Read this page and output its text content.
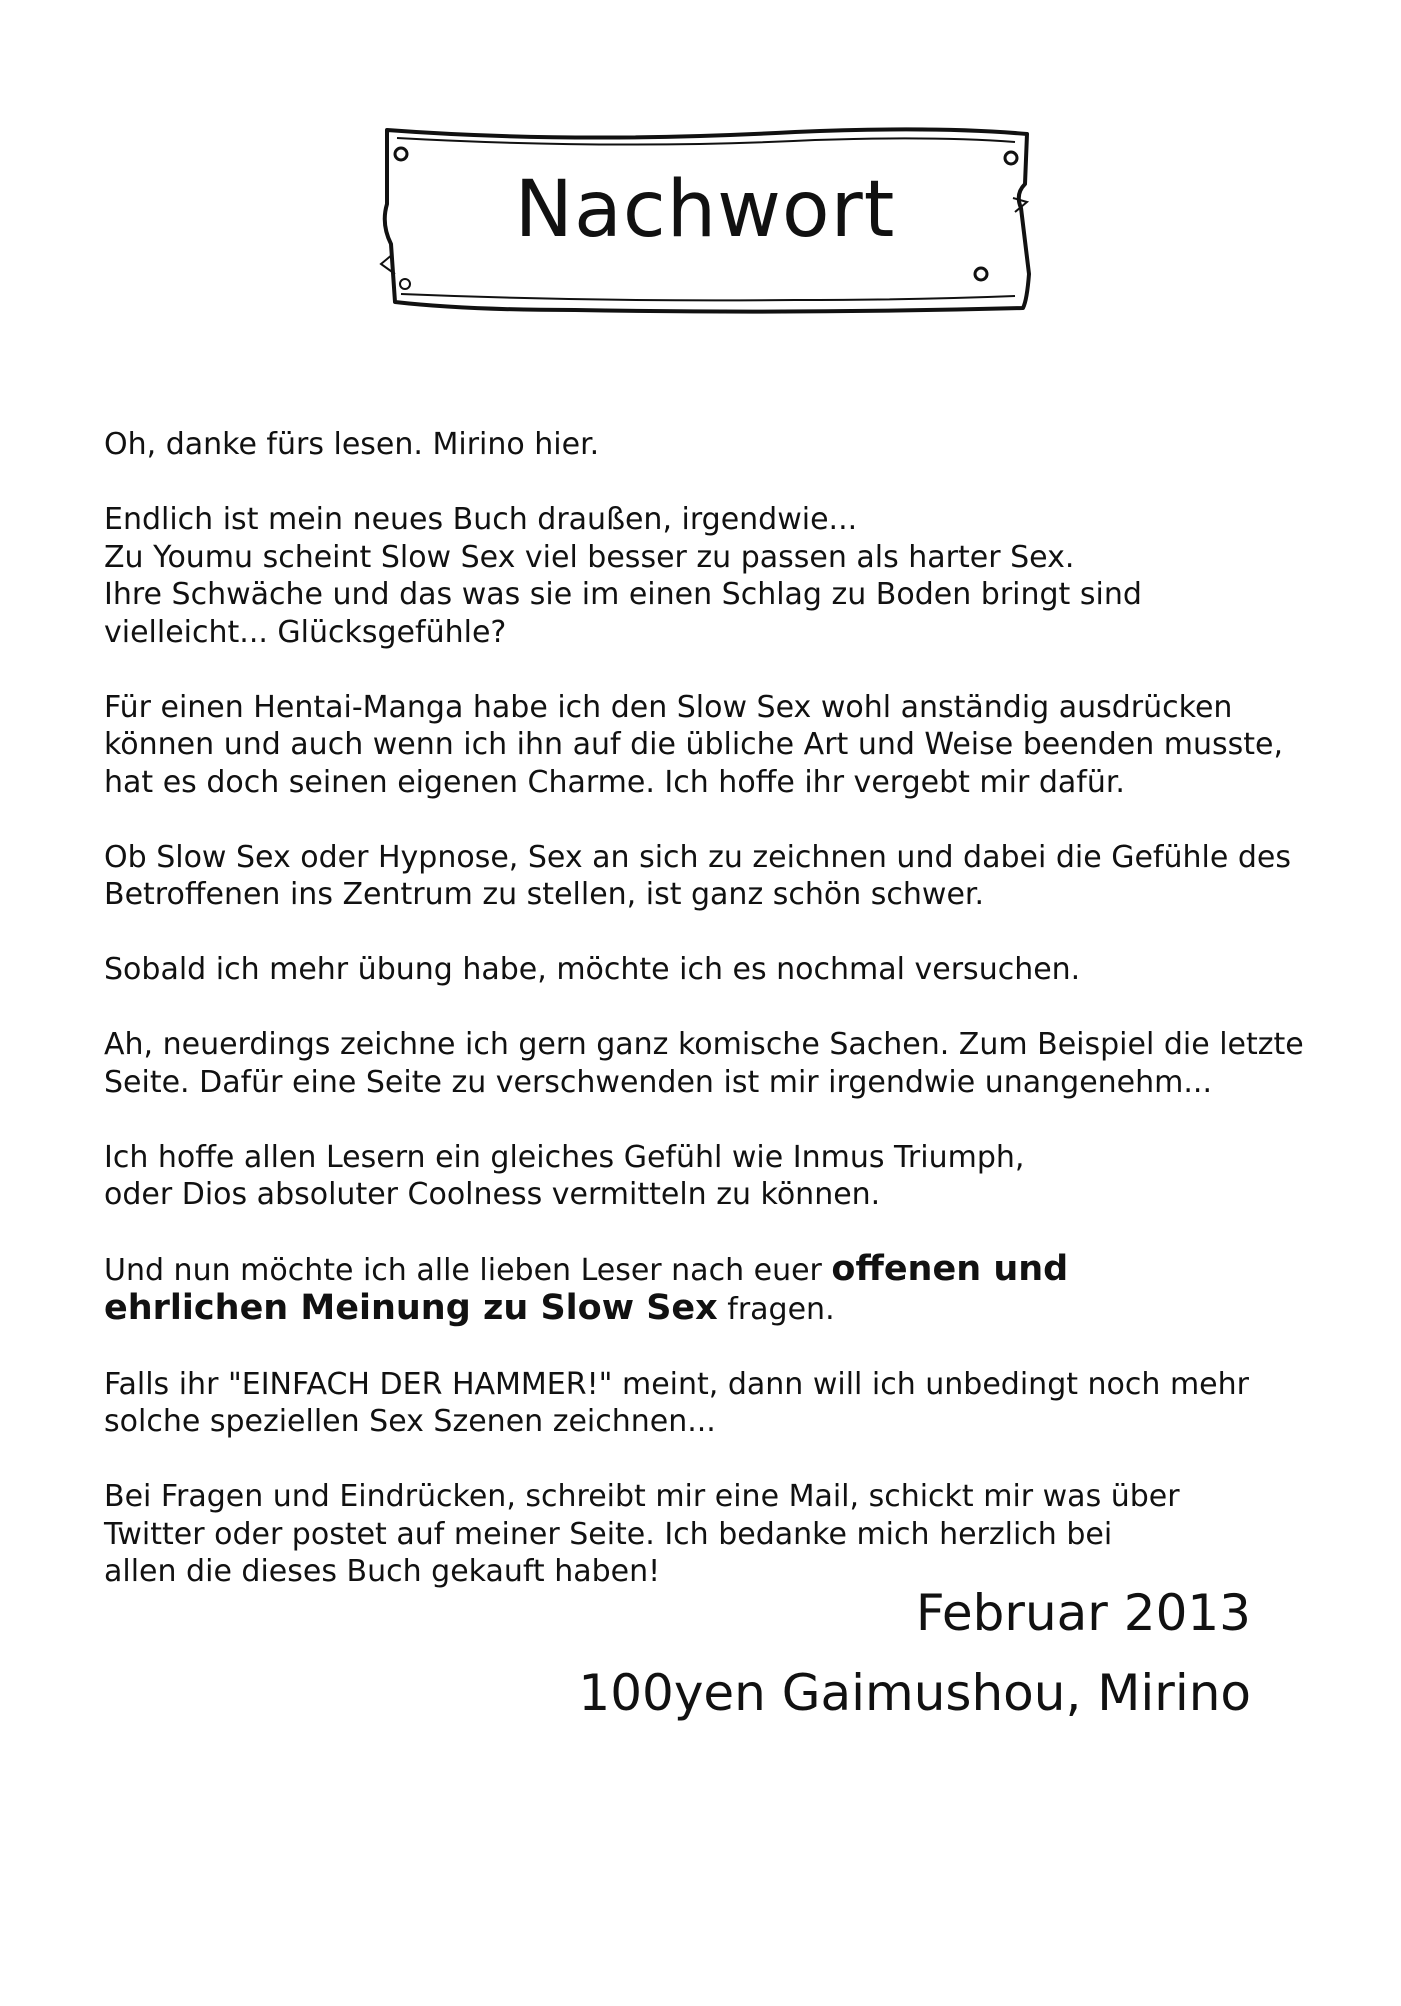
Nachwort
Oh, danke fürs lesen. Mirino hier.
Endlich ist mein neues Buch draußen, irgendwie...
Zu Youmu scheint Slow Sex viel besser zu passen als harter Sex.
Ihre Schwäche und das was sie im einen Schlag zu Boden bringt sind
vielleicht... Glücksgefühle?
Für einen Hentai-Manga habe ich den Slow Sex wohl anständig ausdrücken
können und auch wenn ich ihn auf die übliche Art und Weise beenden musste,
hat es doch seinen eigenen Charme. Ich hoffe ihr vergebt mir dafür.
Ob Slow Sex oder Hypnose, Sex an sich zu zeichnen und dabei die Gefühle des
Betroffenen ins Zentrum zu stellen, ist ganz schön schwer.
Sobald ich mehr übung habe, möchte ich es nochmal versuchen.
Ah, neuerdings zeichne ich gern ganz komische Sachen. Zum Beispiel die letzte
Seite. Dafür eine Seite zu verschwenden ist mir irgendwie unangenehm...
Ich hoffe allen Lesern ein gleiches Gefühl wie Inmus Triumph,
oder Dios absoluter Coolness vermitteln zu können.
Und nun möchte ich alle lieben Leser nach euer offenen und
ehrlichen Meinung zu Slow Sex fragen.
Falls ihr "EINFACH DER HAMMER!" meint, dann will ich unbedingt noch mehr
solche speziellen Sex Szenen zeichnen...
Bei Fragen und Eindrücken, schreibt mir eine Mail, schickt mir was über
Twitter oder postet auf meiner Seite. Ich bedanke mich herzlich bei
allen die dieses Buch gekauft haben!
Februar 2013
100yen Gaimushou, Mirino
